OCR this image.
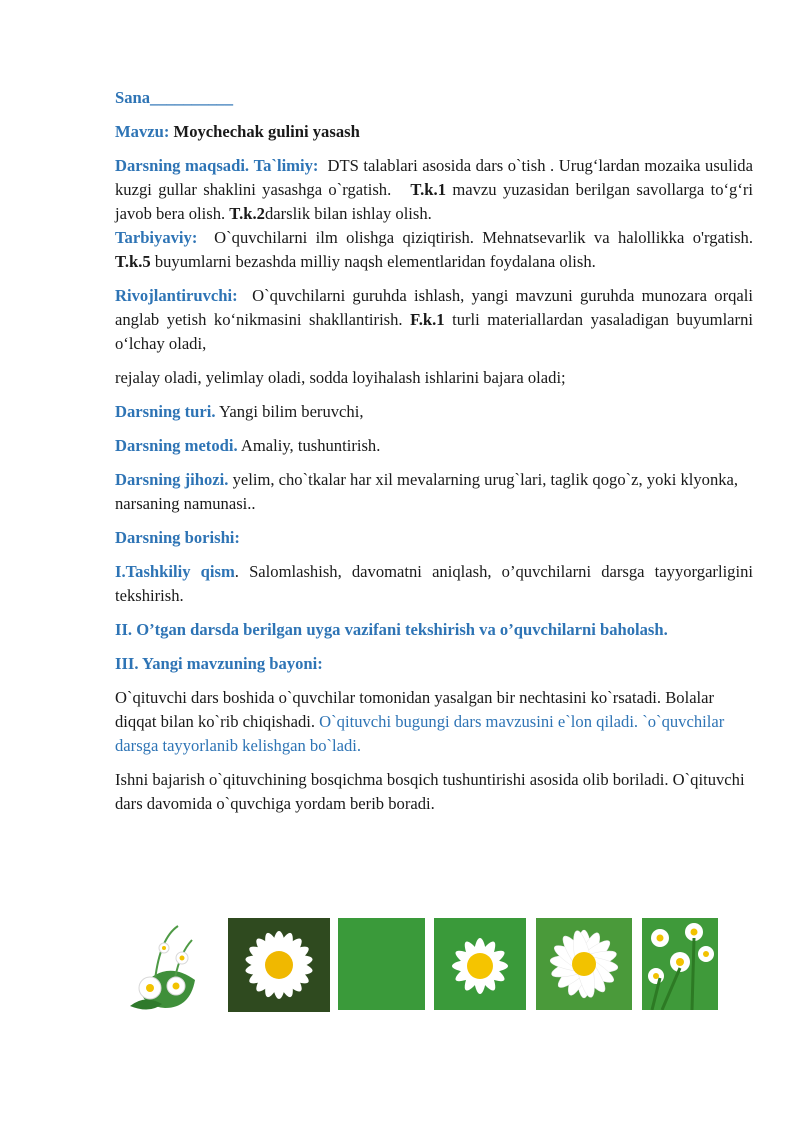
Sana__________

Mavzu: Moychechak gulini yasash

Darsning maqsadi. Ta`limiy: DTS talablari asosida dars o`tish . Urug‘lardan mozaika usulida kuzgi gullar shaklini yasashga o`rgatish. T.k.1 mavzu yuzasidan berilgan savollarga to‘g‘ri javob bera olish. T.k.2darslik bilan ishlay olish.

Tarbiyaviy: O`quvchilarni ilm olishga qiziqtirish. Mehnatsevarlik va halollikka o'rgatish. T.k.5 buyumlarni bezashda milliy naqsh elementlaridan foydalana olish.

Rivojlantiruvchi: O`quvchilarni guruhda ishlash, yangi mavzuni guruhda munozara orqali anglab yetish ko‘nikmasini shakllantirish. F.k.1 turli materiallardan yasaladigan buyumlarni o‘lchay oladi,

rejalay oladi, yelimlay oladi, sodda loyihalash ishlarini bajara oladi;

Darsning turi. Yangi bilim beruvchi,

Darsning metodi. Amaliy, tushuntirish.

Darsning jihozi. yelim, cho`tkalar har xil mevalarning urug`lari, taglik qogo`z, yoki klyonka, narsaning namunasi..

Darsning borishi:

I.Tashkiliy qism. Salomlashish, davomatni aniqlash, o’quvchilarni darsga tayyorgarligini tekshirish.

II. O’tgan darsda berilgan uyga vazifani tekshirish va o’quvchilarni baholash.

III. Yangi mavzuning bayoni:

O`qituvchi dars boshida o`quvchilar tomonidan yasalgan bir nechtasini ko`rsatadi. Bolalar diqqat bilan ko`rib chiqishadi. O`qituvchi bugungi dars mavzusini e`lon qiladi. `o`quvchilar darsga tayyorlanib kelishgan bo`ladi.

Ishni bajarish o`qituvchining bosqichma bosqich tushuntirishi asosida olib boriladi. O`qituvchi dars davomida o`quvchiga yordam berib boradi.
